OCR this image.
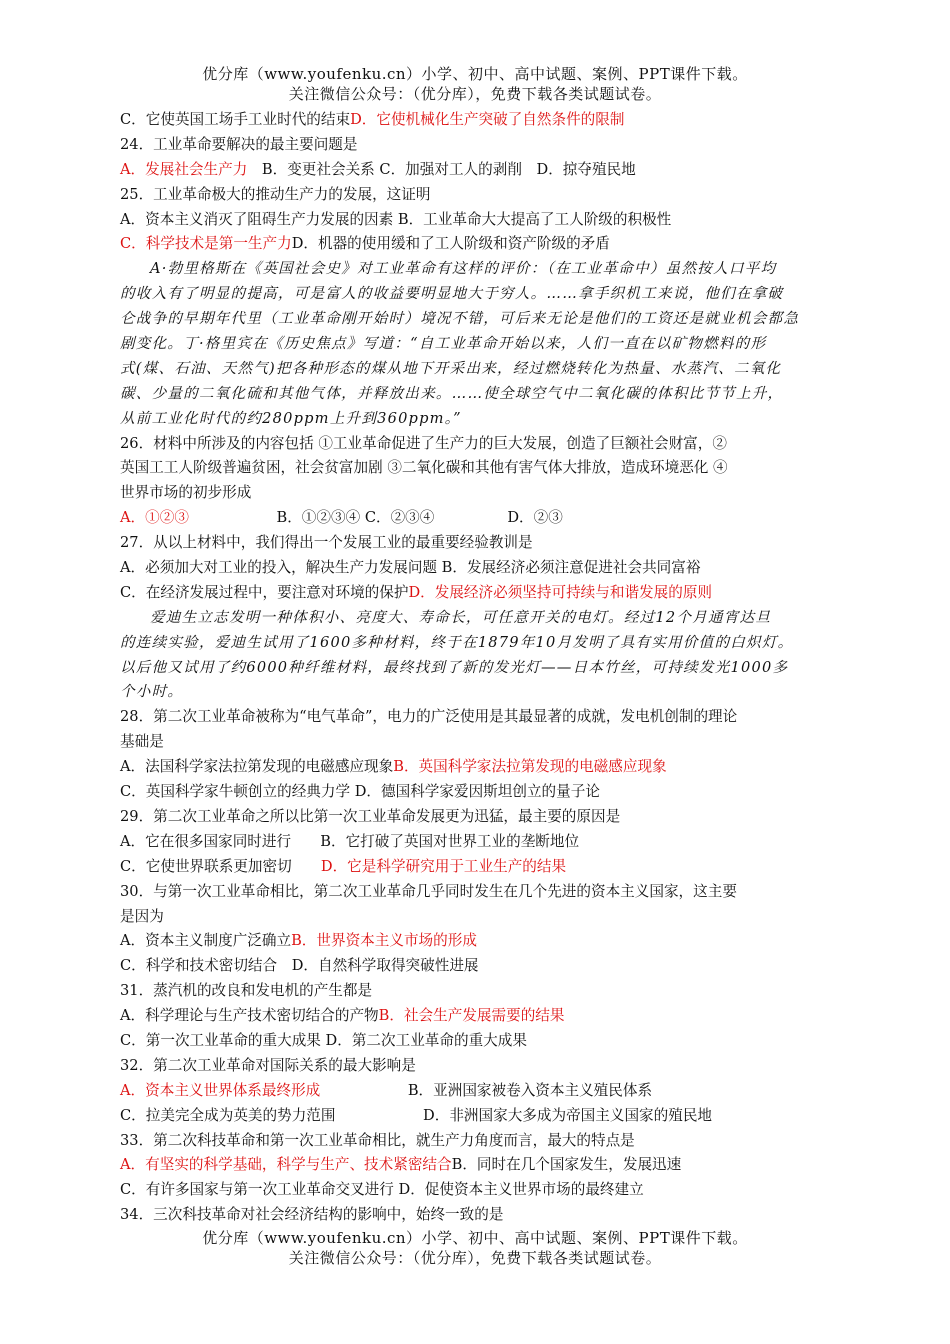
优分库（www.youfenku.cn）小学、初中、高中试题、案例、PPT课件下载。
关注微信公众号：（优分库），免费下载各类试题试卷。
C．它使英国工场手工业时代的结束D．它使机械化生产突破了自然条件的限制
24．工业革命要解决的最主要问题是
A．发展社会生产力　B．变更社会关系 C．加强对工人的剥削　D．掠夺殖民地
25．工业革命极大的推动生产力的发展，这证明
A．资本主义消灭了阻碍生产力发展的因素 B．工业革命大大提高了工人阶级的积极性
C．科学技术是第一生产力D．机器的使用缓和了工人阶级和资产阶级的矛盾
A·勃里格斯在《英国社会史》对工业革命有这样的评价：（在工业革命中）虽然按人口平均
的收入有了明显的提高，可是富人的收益要明显地大于穷人。……拿手织机工来说，他们在拿破
仑战争的早期年代里（工业革命刚开始时）境况不错，可后来无论是他们的工资还是就业机会都急
剧变化。丁·格里宾在《历史焦点》写道：“自工业革命开始以来，人们一直在以矿物燃料的形
式(煤、石油、天然气)把各种形态的煤从地下开采出来，经过燃烧转化为热量、水蒸汽、二氧化
碳、少量的二氧化硫和其他气体，并释放出来。……使全球空气中二氧化碳的体积比节节上升，
从前工业化时代的约280ppm上升到360ppm。”
26．材料中所涉及的内容包括 ①工业革命促进了生产力的巨大发展，创造了巨额社会财富，②
英国工工人阶级普遍贫困，社会贫富加剧 ③二氧化碳和其他有害气体大排放，造成环境恶化 ④
世界市场的初步形成
A．①②③　　　　　　B．①②③④ C．②③④　　　　　D．②③
27．从以上材料中，我们得出一个发展工业的最重要经验教训是
A．必须加大对工业的投入，解决生产力发展问题 B．发展经济必须注意促进社会共同富裕
C．在经济发展过程中，要注意对环境的保护D．发展经济必须坚持可持续与和谐发展的原则
爱迪生立志发明一种体积小、亮度大、寿命长，可任意开关的电灯。经过12个月通宵达旦
的连续实验，爱迪生试用了1600多种材料，终于在1879年10月发明了具有实用价值的白炽灯。
以后他又试用了约6000种纤维材料，最终找到了新的发光灯——日本竹丝，可持续发光1000多
个小时。
28．第二次工业革命被称为“电气革命”，电力的广泛使用是其最显著的成就，发电机创制的理论
基础是
A．法国科学家法拉第发现的电磁感应现象B．英国科学家法拉第发现的电磁感应现象
C．英国科学家牛顿创立的经典力学 D．德国科学家爱因斯坦创立的量子论
29．第二次工业革命之所以比第一次工业革命发展更为迅猛，最主要的原因是
A．它在很多国家同时进行　　B．它打破了英国对世界工业的垄断地位
C．它使世界联系更加密切　　D．它是科学研究用于工业生产的结果
30．与第一次工业革命相比，第二次工业革命几乎同时发生在几个先进的资本主义国家，这主要
是因为
A．资本主义制度广泛确立B．世界资本主义市场的形成
C．科学和技术密切结合　D．自然科学取得突破性进展
31．蒸汽机的改良和发电机的产生都是
A．科学理论与生产技术密切结合的产物B．社会生产发展需要的结果
C．第一次工业革命的重大成果 D．第二次工业革命的重大成果
32．第二次工业革命对国际关系的最大影响是
A．资本主义世界体系最终形成　　　　　　B．亚洲国家被卷入资本主义殖民体系
C．拉美完全成为英美的势力范围　　　　　　D．非洲国家大多成为帝国主义国家的殖民地
33．第二次科技革命和第一次工业革命相比，就生产力角度而言，最大的特点是
A．有坚实的科学基础，科学与生产、技术紧密结合B．同时在几个国家发生，发展迅速
C．有许多国家与第一次工业革命交叉进行 D．促使资本主义世界市场的最终建立
34．三次科技革命对社会经济结构的影响中，始终一致的是
优分库（www.youfenku.cn）小学、初中、高中试题、案例、PPT课件下载。
关注微信公众号：（优分库），免费下载各类试题试卷。
